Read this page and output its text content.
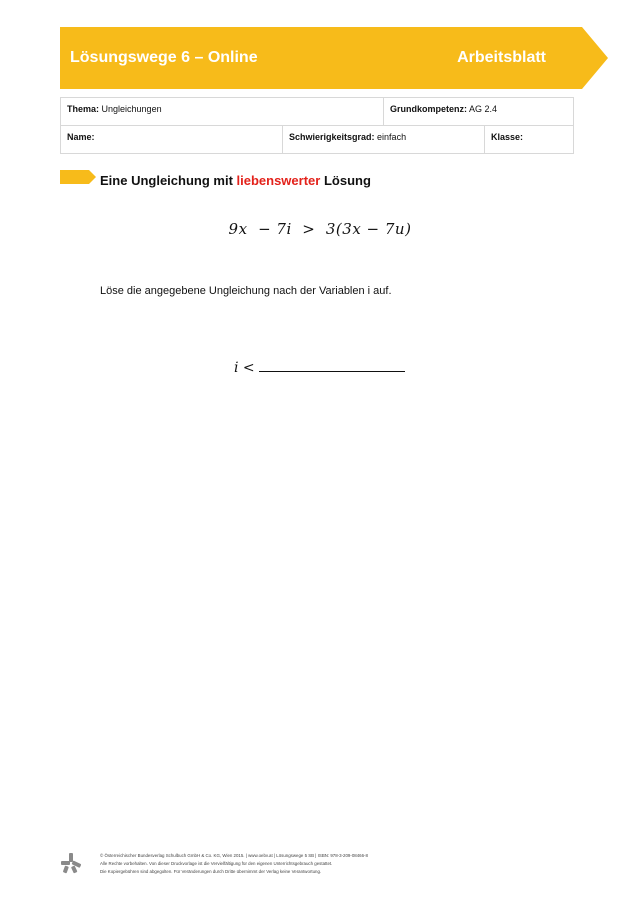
Lösungswege 6 – Online	Arbeitsblatt
Thema: Ungleichungen		Grundkompetenz: AG 2.4	
Name:	Schwierigkeitsgrad: einfach		Klasse:
Eine Ungleichung mit liebenswerter Lösung
9x  − 7i  >  3(3x − 7u)
Löse die angegebene Ungleichung nach der Variablen i auf.
i <
© Österreichischer Bundesverlag Schulbuch GmbH & Co. KG, Wien 2015. | www.oebv.at | Lösungswege 5 SB | ISBN: 978-3-209-08466-8
Alle Rechte vorbehalten. Von dieser Druckvorlage ist die Vervielfältigung für den eigenen Unterrichtsgebrauch gestattet.
Die Kopiergebühren sind abgegolten. Für Veränderungen durch Dritte übernimmt der Verlag keine Verantwortung.
